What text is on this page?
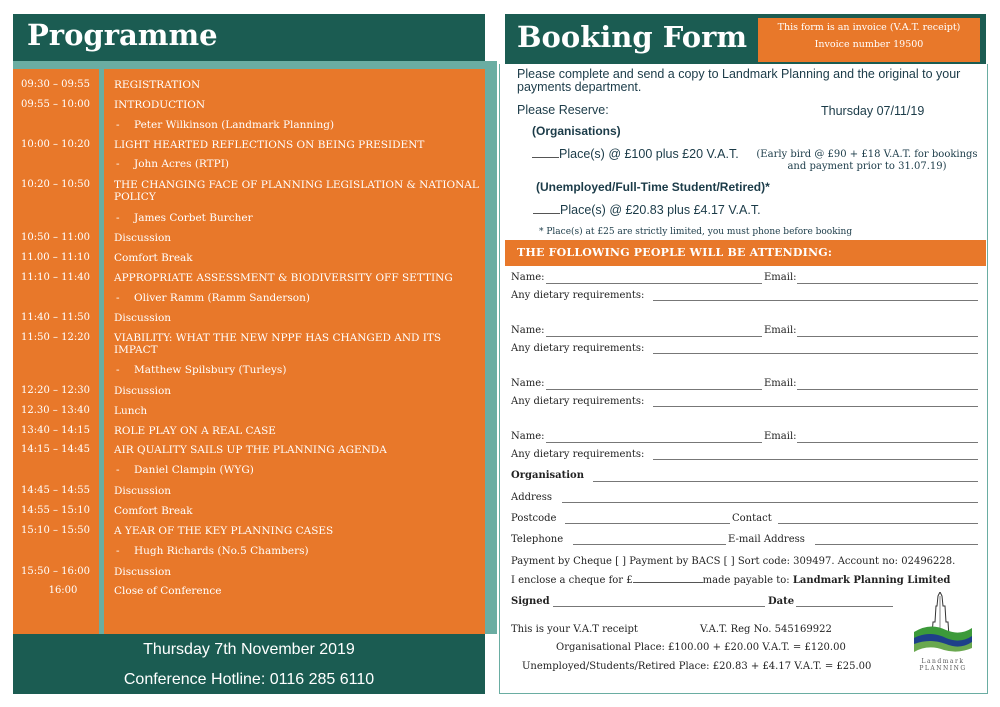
Programme
09:30 – 09:55	REGISTRATION
09:55 – 10:00	INTRODUCTION
- Peter Wilkinson (Landmark Planning)
10:00 – 10:20	LIGHT HEARTED REFLECTIONS ON BEING PRESIDENT
- John Acres (RTPI)
10:20 – 10:50	THE CHANGING FACE OF PLANNING LEGISLATION & NATIONAL POLICY
- James Corbet Burcher
10:50 – 11:00	Discussion
11.00 – 11:10	Comfort Break
11:10 – 11:40	APPROPRIATE ASSESSMENT & BIODIVERSITY OFF SETTING
- Oliver Ramm (Ramm Sanderson)
11:40 – 11:50	Discussion
11:50 – 12:20	VIABILITY: WHAT THE NEW NPPF HAS CHANGED AND ITS IMPACT
- Matthew Spilsbury (Turleys)
12:20 – 12:30	Discussion
12.30 – 13:40	Lunch
13:40 – 14:15	ROLE PLAY ON A REAL CASE
14:15 – 14:45	AIR QUALITY SAILS UP THE PLANNING AGENDA
- Daniel Clampin (WYG)
14:45 – 14:55	Discussion
14:55 – 15:10	Comfort Break
15:10 – 15:50	A YEAR OF THE KEY PLANNING CASES
- Hugh Richards (No.5 Chambers)
15:50 – 16:00	Discussion
16:00	Close of Conference
Thursday 7th November 2019
Conference Hotline: 0116 285 6110
Booking Form	This form is an invoice (V.A.T. receipt)
Invoice number 19500
Please complete and send a copy to Landmark Planning and the original to your payments department.
Please Reserve:	Thursday 07/11/19
(Organisations)
Place(s) @ £100 plus £20 V.A.T.	(Early bird @ £90 + £18 V.A.T. for bookings and payment prior to 31.07.19)
(Unemployed/Full-Time Student/Retired)*
Place(s) @ £20.83 plus £4.17 V.A.T.
* Place(s) at £25 are strictly limited, you must phone before booking
THE FOLLOWING PEOPLE WILL BE ATTENDING:
Name:	Email:
Any dietary requirements:
Name:	Email:
Any dietary requirements:
Name:	Email:
Any dietary requirements:
Name:	Email:
Any dietary requirements:
Organisation
Address
Postcode	Contact
Telephone	E-mail Address
Payment by Cheque [ ] Payment by BACS [ ] Sort code: 309497. Account no: 02496228.
I enclose a cheque for £	made payable to: Landmark Planning Limited
Signed	Date
This is your V.A.T receipt	V.A.T. Reg No. 545169922
Organisational Place: £100.00 + £20.00 V.A.T. = £120.00
Unemployed/Students/Retired Place: £20.83 + £4.17 V.A.T. = £25.00	Landmark
PLANNING
